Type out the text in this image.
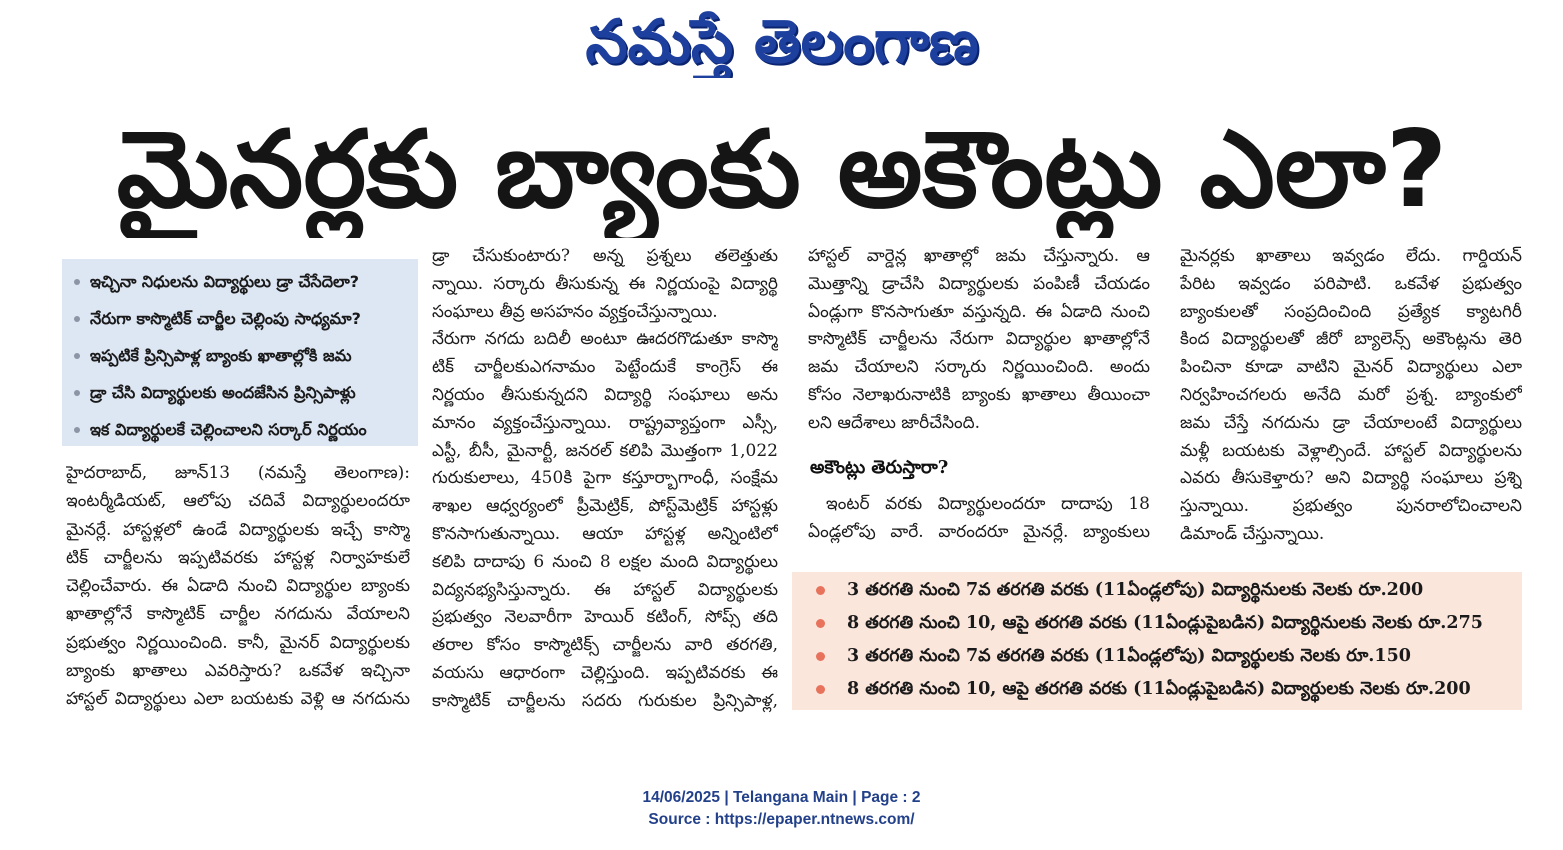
నమస్తే తెలంగాణ
మైనర్లకు బ్యాంకు అకౌంట్లు ఎలా?
ఇచ్చినా నిధులను విద్యార్థులు డ్రా చేసేదెలా?
నేరుగా కాస్మొటిక్ చార్జీల చెల్లింపు సాధ్యమా?
ఇప్పటికే ప్రిన్సిపాళ్ల బ్యాంకు ఖాతాల్లోకి జమ
డ్రా చేసి విద్యార్థులకు అందజేసిన ప్రిన్సిపాళ్లు
ఇక విద్యార్థులకే చెల్లించాలని సర్కార్ నిర్ణయం
హైదరాబాద్, జూన్13 (నమస్తే తెలంగాణ):
ఇంటర్మీడియట్, ఆలోపు చదివే విద్యార్థులందరూ
మైనర్లే. హాస్టళ్లలో ఉండే విద్యార్థులకు ఇచ్చే కాస్మొ
టిక్ చార్జీలను ఇప్పటివరకు హాస్టళ్ల నిర్వాహకులే
చెల్లించేవారు. ఈ ఏడాది నుంచి విద్యార్థుల బ్యాంకు
ఖాతాల్లోనే కాస్మొటిక్ చార్జీల నగదును వేయాలని
ప్రభుత్వం నిర్ణయించింది. కానీ, మైనర్ విద్యార్థులకు
బ్యాంకు ఖాతాలు ఎవరిస్తారు? ఒకవేళ ఇచ్చినా
హాస్టల్ విద్యార్థులు ఎలా బయటకు వెళ్లి ఆ నగదును
డ్రా చేసుకుంటారు? అన్న ప్రశ్నలు తలెత్తుతు
న్నాయి. సర్కారు తీసుకున్న ఈ నిర్ణయంపై విద్యార్థి
సంఘాలు తీవ్ర అసహనం వ్యక్తంచేస్తున్నాయి.
నేరుగా నగదు బదిలీ అంటూ ఊదరగొడుతూ కాస్మొ
టిక్ చార్జీలకుఎగనామం పెట్టేందుకే కాంగ్రెస్ ఈ
నిర్ణయం తీసుకున్నదని విద్యార్థి సంఘాలు అను
మానం వ్యక్తంచేస్తున్నాయి. రాష్ట్రవ్యాప్తంగా ఎస్సీ,
ఎస్టీ, బీసీ, మైనార్టీ, జనరల్ కలిపి మొత్తంగా 1,022
గురుకులాలు, 450కి పైగా కస్తూర్బాగాంధీ, సంక్షేమ
శాఖల ఆధ్వర్యంలో ప్రీమెట్రిక్, పోస్ట్‌మెట్రిక్ హాస్టళ్లు
కొనసాగుతున్నాయి. ఆయా హాస్టళ్ల అన్నింటిలో
కలిపి దాదాపు 6 నుంచి 8 లక్షల మంది విద్యార్థులు
విద్యనభ్యసిస్తున్నారు. ఈ హాస్టల్ విద్యార్థులకు
ప్రభుత్వం నెలవారీగా హెయిర్ కటింగ్, సోప్స్ తది
తరాల కోసం కాస్మొటిక్స్ చార్జీలను వారి తరగతి,
వయసు ఆధారంగా చెల్లిస్తుంది. ఇప్పటివరకు ఈ
కాస్మొటిక్ చార్జీలను సదరు గురుకుల ప్రిన్సిపాళ్ల,
హాస్టల్ వార్డెన్ల ఖాతాల్లో జమ చేస్తున్నారు. ఆ
మొత్తాన్ని డ్రాచేసి విద్యార్థులకు పంపిణీ చేయడం
ఏండ్లుగా కొనసాగుతూ వస్తున్నది. ఈ ఏడాది నుంచి
కాస్మొటిక్ చార్జీలను నేరుగా విద్యార్థుల ఖాతాల్లోనే
జమ చేయాలని సర్కారు నిర్ణయించింది. అందు
కోసం నెలాఖరునాటికి బ్యాంకు ఖాతాలు తీయించా
లని ఆదేశాలు జారీచేసింది.
అకౌంట్లు తెరుస్తారా?
ఇంటర్ వరకు విద్యార్థులందరూ దాదాపు 18
ఏండ్లలోపు వారే. వారందరూ మైనర్లే. బ్యాంకులు
మైనర్లకు ఖాతాలు ఇవ్వడం లేదు. గార్డియన్
పేరిట ఇవ్వడం పరిపాటి. ఒకవేళ ప్రభుత్వం
బ్యాంకులతో సంప్రదించింది ప్రత్యేక క్యాటగిరీ
కింద విద్యార్థులతో జీరో బ్యాలెన్స్ అకౌంట్లను తెరి
పించినా కూడా వాటిని మైనర్ విద్యార్థులు ఎలా
నిర్వహించగలరు అనేది మరో ప్రశ్న. బ్యాంకులో
జమ చేస్తే నగదును డ్రా చేయాలంటే విద్యార్థులు
మళ్లీ బయటకు వెళ్లాల్సిందే. హాస్టల్ విద్యార్థులను
ఎవరు తీసుకెళ్తారు? అని విద్యార్థి సంఘాలు ప్రశ్ని
స్తున్నాయి. ప్రభుత్వం పునరాలోచించాలని
డిమాండ్ చేస్తున్నాయి.
3 తరగతి నుంచి 7వ తరగతి వరకు (11ఏండ్లలోపు) విద్యార్థినులకు నెలకు రూ.200
8 తరగతి నుంచి 10, ఆపై తరగతి వరకు (11ఏండ్లుపైబడిన) విద్యార్థినులకు నెలకు రూ.275
3 తరగతి నుంచి 7వ తరగతి వరకు (11ఏండ్లలోపు) విద్యార్థులకు నెలకు రూ.150
8 తరగతి నుంచి 10, ఆపై తరగతి వరకు (11ఏండ్లుపైబడిన) విద్యార్థులకు నెలకు రూ.200
14/06/2025 | Telangana Main | Page : 2
Source : https://epaper.ntnews.com/
